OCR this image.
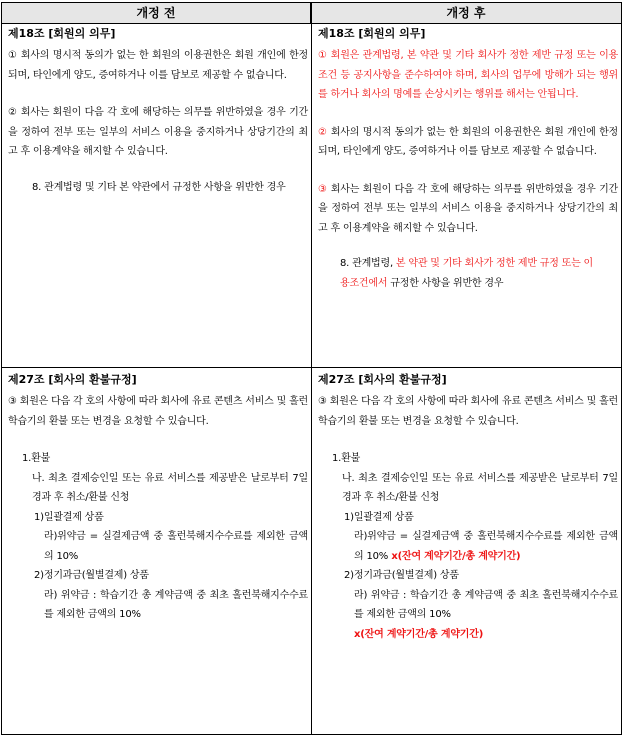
개정 전	개정 후
제18조 [회원의 의무]

① 회사의 명시적 동의가 없는 한 회원의 이용권한은 회원 개인에 한정되며, 타인에게 양도, 증여하거나 이를 담보로 제공할 수 없습니다.

② 회사는 회원이 다음 각 호에 해당하는 의무를 위반하였을 경우 기간을 정하여 전부 또는 일부의 서비스 이용을 중지하거나 상당기간의 최고 후 이용계약을 해지할 수 있습니다.

8. 관계법령 및 기타 본 약관에서 규정한 사항을 위반한 경우

제18조 [회원의 의무]

① 회원은 관계법령, 본 약관 및 기타 회사가 정한 제반 규정 또는 이용조건 등 공지사항을 준수하여야 하며, 회사의 업무에 방해가 되는 행위를 하거나 회사의 명예를 손상시키는 행위를 해서는 안됩니다.

② 회사의 명시적 동의가 없는 한 회원의 이용권한은 회원 개인에 한정되며, 타인에게 양도, 증여하거나 이를 담보로 제공할 수 없습니다.

③ 회사는 회원이 다음 각 호에 해당하는 의무를 위반하였을 경우 기간을 정하여 전부 또는 일부의 서비스 이용을 중지하거나 상당기간의 최고 후 이용계약을 해지할 수 있습니다.

8. 관계법령, 본 약관 및 기타 회사가 정한 제반 규정 또는 이용조건에서 규정한 사항을 위반한 경우

제27조 [회사의 환불규정]

③ 회원은 다음 각 호의 사항에 따라 회사에 유료 콘텐츠 서비스 및 홀런 학습기의 환불 또는 변경을 요청할 수 있습니다.

1.환불

나. 최초 결제승인일 또는 유료 서비스를 제공받은 날로부터 7일 경과 후 취소/환불 신청

1)일괄결제 상품

라)위약금 = 실결제금액 중 홀런북해지수수료를 제외한 금액의 10%

2)정기과금(월별결제) 상품

라) 위약금 : 학습기간 총 계약금액 중 최초 홀런북해지수수료를 제외한 금액의 10%

제27조 [회사의 환불규정]

③ 회원은 다음 각 호의 사항에 따라 회사에 유료 콘텐츠 서비스 및 홀런 학습기의 환불 또는 변경을 요청할 수 있습니다.

1.환불

나. 최초 결제승인일 또는 유료 서비스를 제공받은 날로부터 7일 경과 후 취소/환불 신청

1)일괄결제 상품

라)위약금 = 실결제금액 중 홀런북해지수수료를 제외한 금액의 10% x(잔여 계약기간/총 계약기간)

2)정기과금(월별결제) 상품

라) 위약금 : 학습기간 총 계약금액 중 최초 홀런북해지수수료를 제외한 금액의 10%

x(잔여 계약기간/총 계약기간)
